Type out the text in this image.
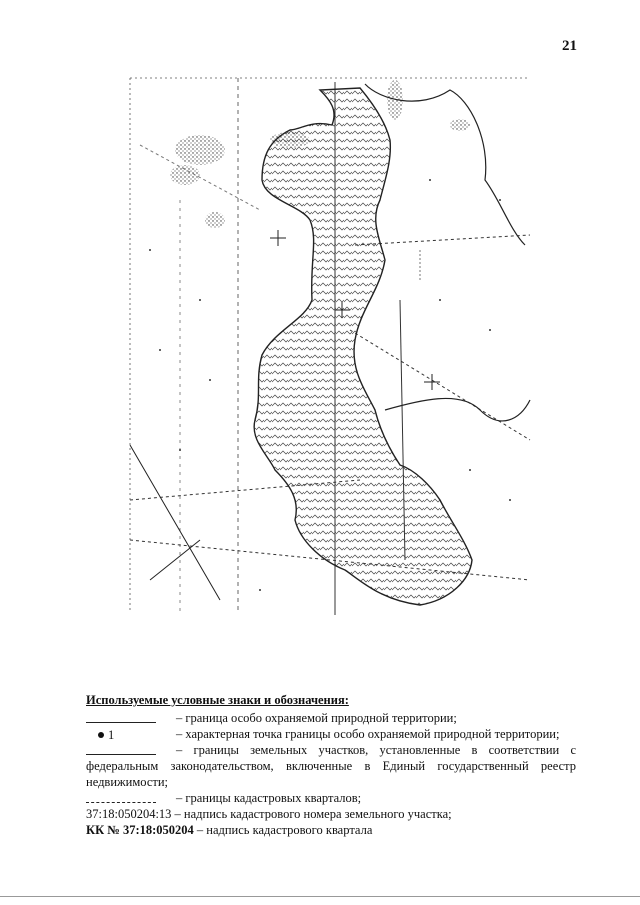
21
Используемые условные знаки и обозначения:
– граница особо охраняемой природной территории;
1	– характерная точка границы особо охраняемой природной территории;
– границы земельных участков, установленные в соответствии с федеральным законодательством, включенные в Единый государственный реестр недвижимости;
– границы кадастровых кварталов;
37:18:050204:13 – надпись кадастрового номера земельного участка;
КК № 37:18:050204 – надпись кадастрового квартала
